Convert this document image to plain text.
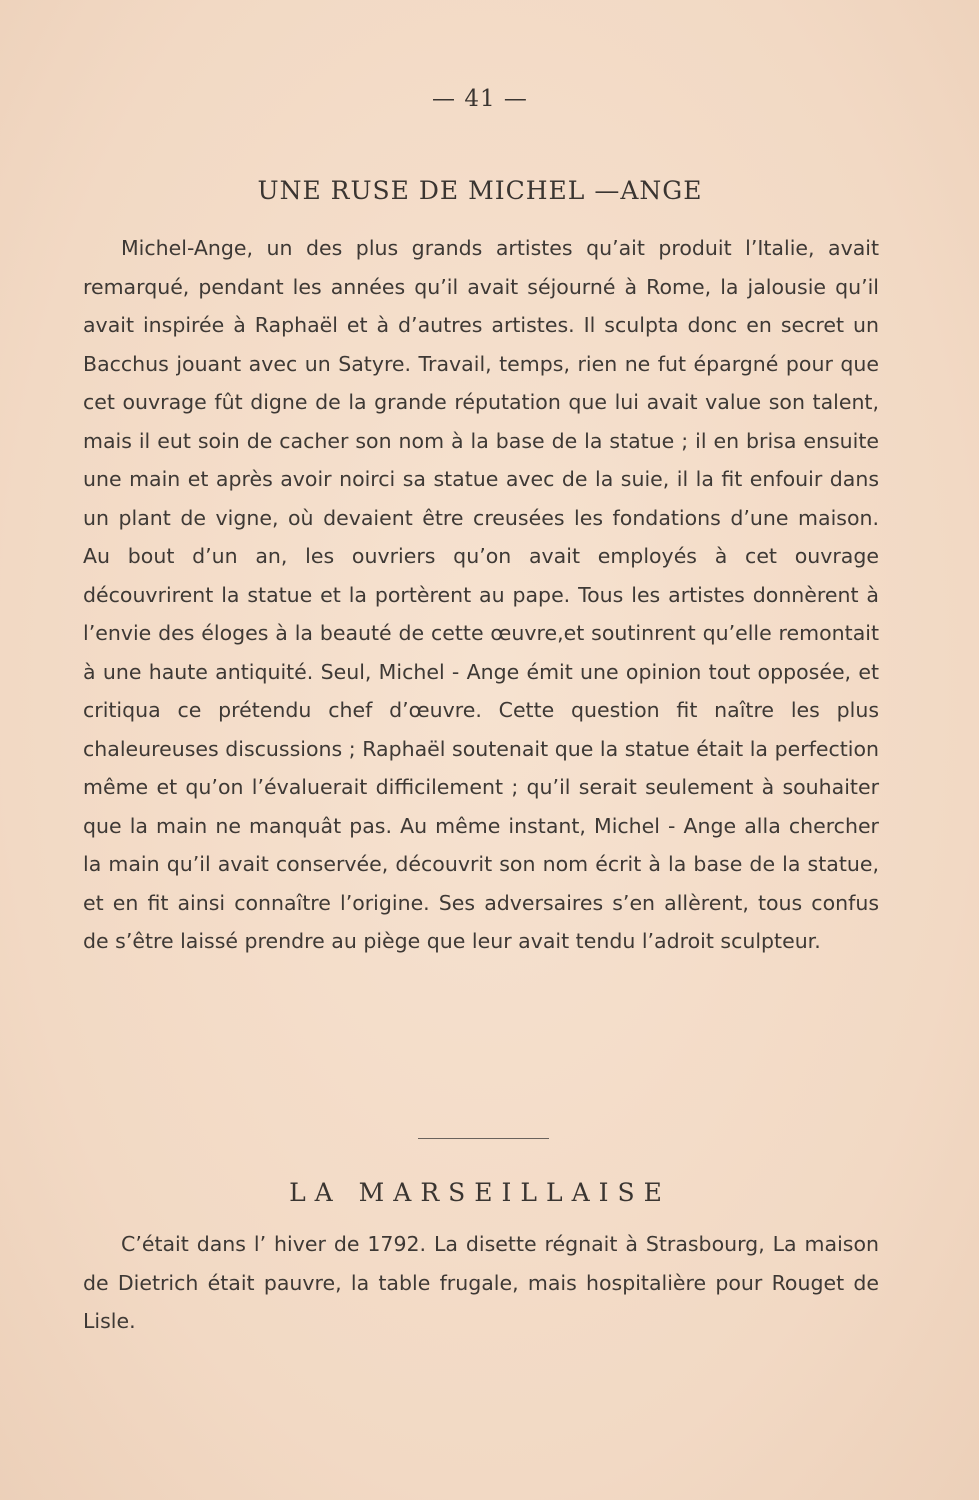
— 41 —
UNE RUSE DE MICHEL —ANGE

Michel-Ange, un des plus grands artistes qu’ait produit l’Italie, avait remarqué, pendant les années qu’il avait séjourné à Rome, la jalousie qu’il avait inspirée à Raphaël et à d’autres artistes. Il sculpta donc en secret un Bacchus jouant avec un Satyre. Travail, temps, rien ne fut épargné pour que cet ouvrage fût digne de la grande réputation que lui avait value son talent, mais il eut soin de cacher son nom à la base de la statue ; il en brisa ensuite une main et après avoir noirci sa statue avec de la suie, il la fit enfouir dans un plant de vigne, où devaient être creusées les fondations d’une maison. Au bout d’un an, les ouvriers qu’on avait employés à cet ouvrage découvrirent la statue et la portèrent au pape. Tous les artistes donnèrent à l’envie des éloges à la beauté de cette œuvre,et soutinrent qu’elle remontait à une haute antiquité. Seul, Michel - Ange émit une opinion tout opposée, et critiqua ce prétendu chef d’œuvre. Cette question fit naître les plus chaleureuses discussions ; Raphaël soutenait que la statue était la perfection même et qu’on l’évaluerait difficilement ; qu’il serait seulement à souhaiter que la main ne manquât pas. Au même instant, Michel - Ange alla chercher la main qu’il avait conservée, découvrit son nom écrit à la base de la statue, et en fit ainsi connaître l’origine. Ses adversaires s’en allèrent, tous confus de s’être laissé prendre au piège que leur avait tendu l’adroit sculpteur.

LA MARSEILLAISE

C’était dans l’ hiver de 1792. La disette régnait à Strasbourg, La maison de Dietrich était pauvre, la table frugale, mais hospitalière pour Rouget de Lisle.
